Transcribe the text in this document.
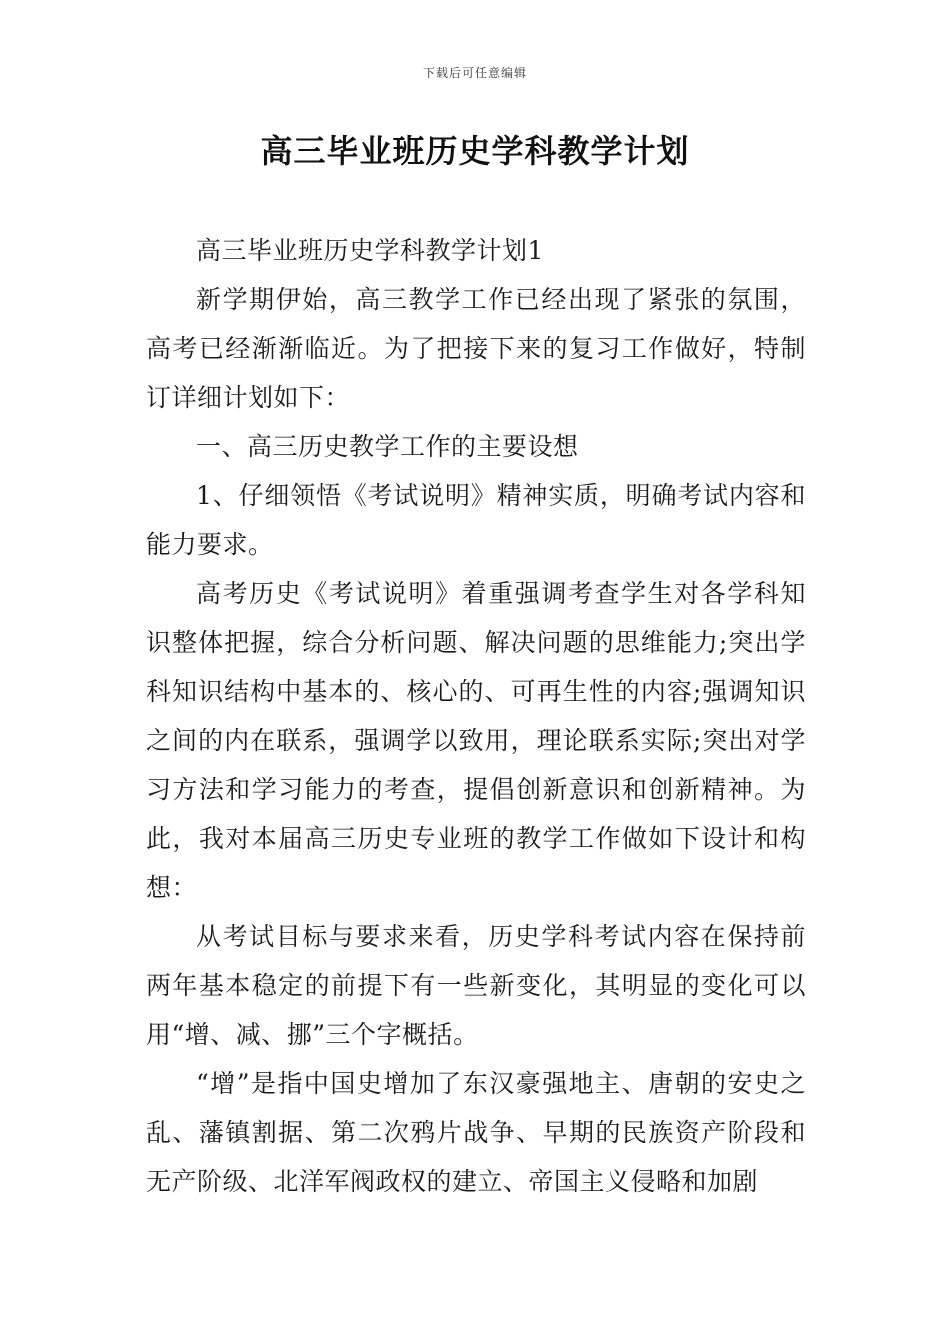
下载后可任意编辑
高三毕业班历史学科教学计划

高三毕业班历史学科教学计划1

新学期伊始，高三教学工作已经出现了紧张的氛围，高考已经渐渐临近。为了把接下来的复习工作做好，特制订详细计划如下：

一、高三历史教学工作的主要设想

1、仔细领悟《考试说明》精神实质，明确考试内容和能力要求。

高考历史《考试说明》着重强调考查学生对各学科知识整体把握，综合分析问题、解决问题的思维能力;突出学科知识结构中基本的、核心的、可再生性的内容;强调知识之间的内在联系，强调学以致用，理论联系实际;突出对学习方法和学习能力的考查，提倡创新意识和创新精神。为此，我对本届高三历史专业班的教学工作做如下设计和构想：

从考试目标与要求来看，历史学科考试内容在保持前两年基本稳定的前提下有一些新变化，其明显的变化可以用“增、减、挪”三个字概括。

“增”是指中国史增加了东汉豪强地主、唐朝的安史之乱、藩镇割据、第二次鸦片战争、早期的民族资产阶段和无产阶级、北洋军阀政权的建立、帝国主义侵略和加剧
